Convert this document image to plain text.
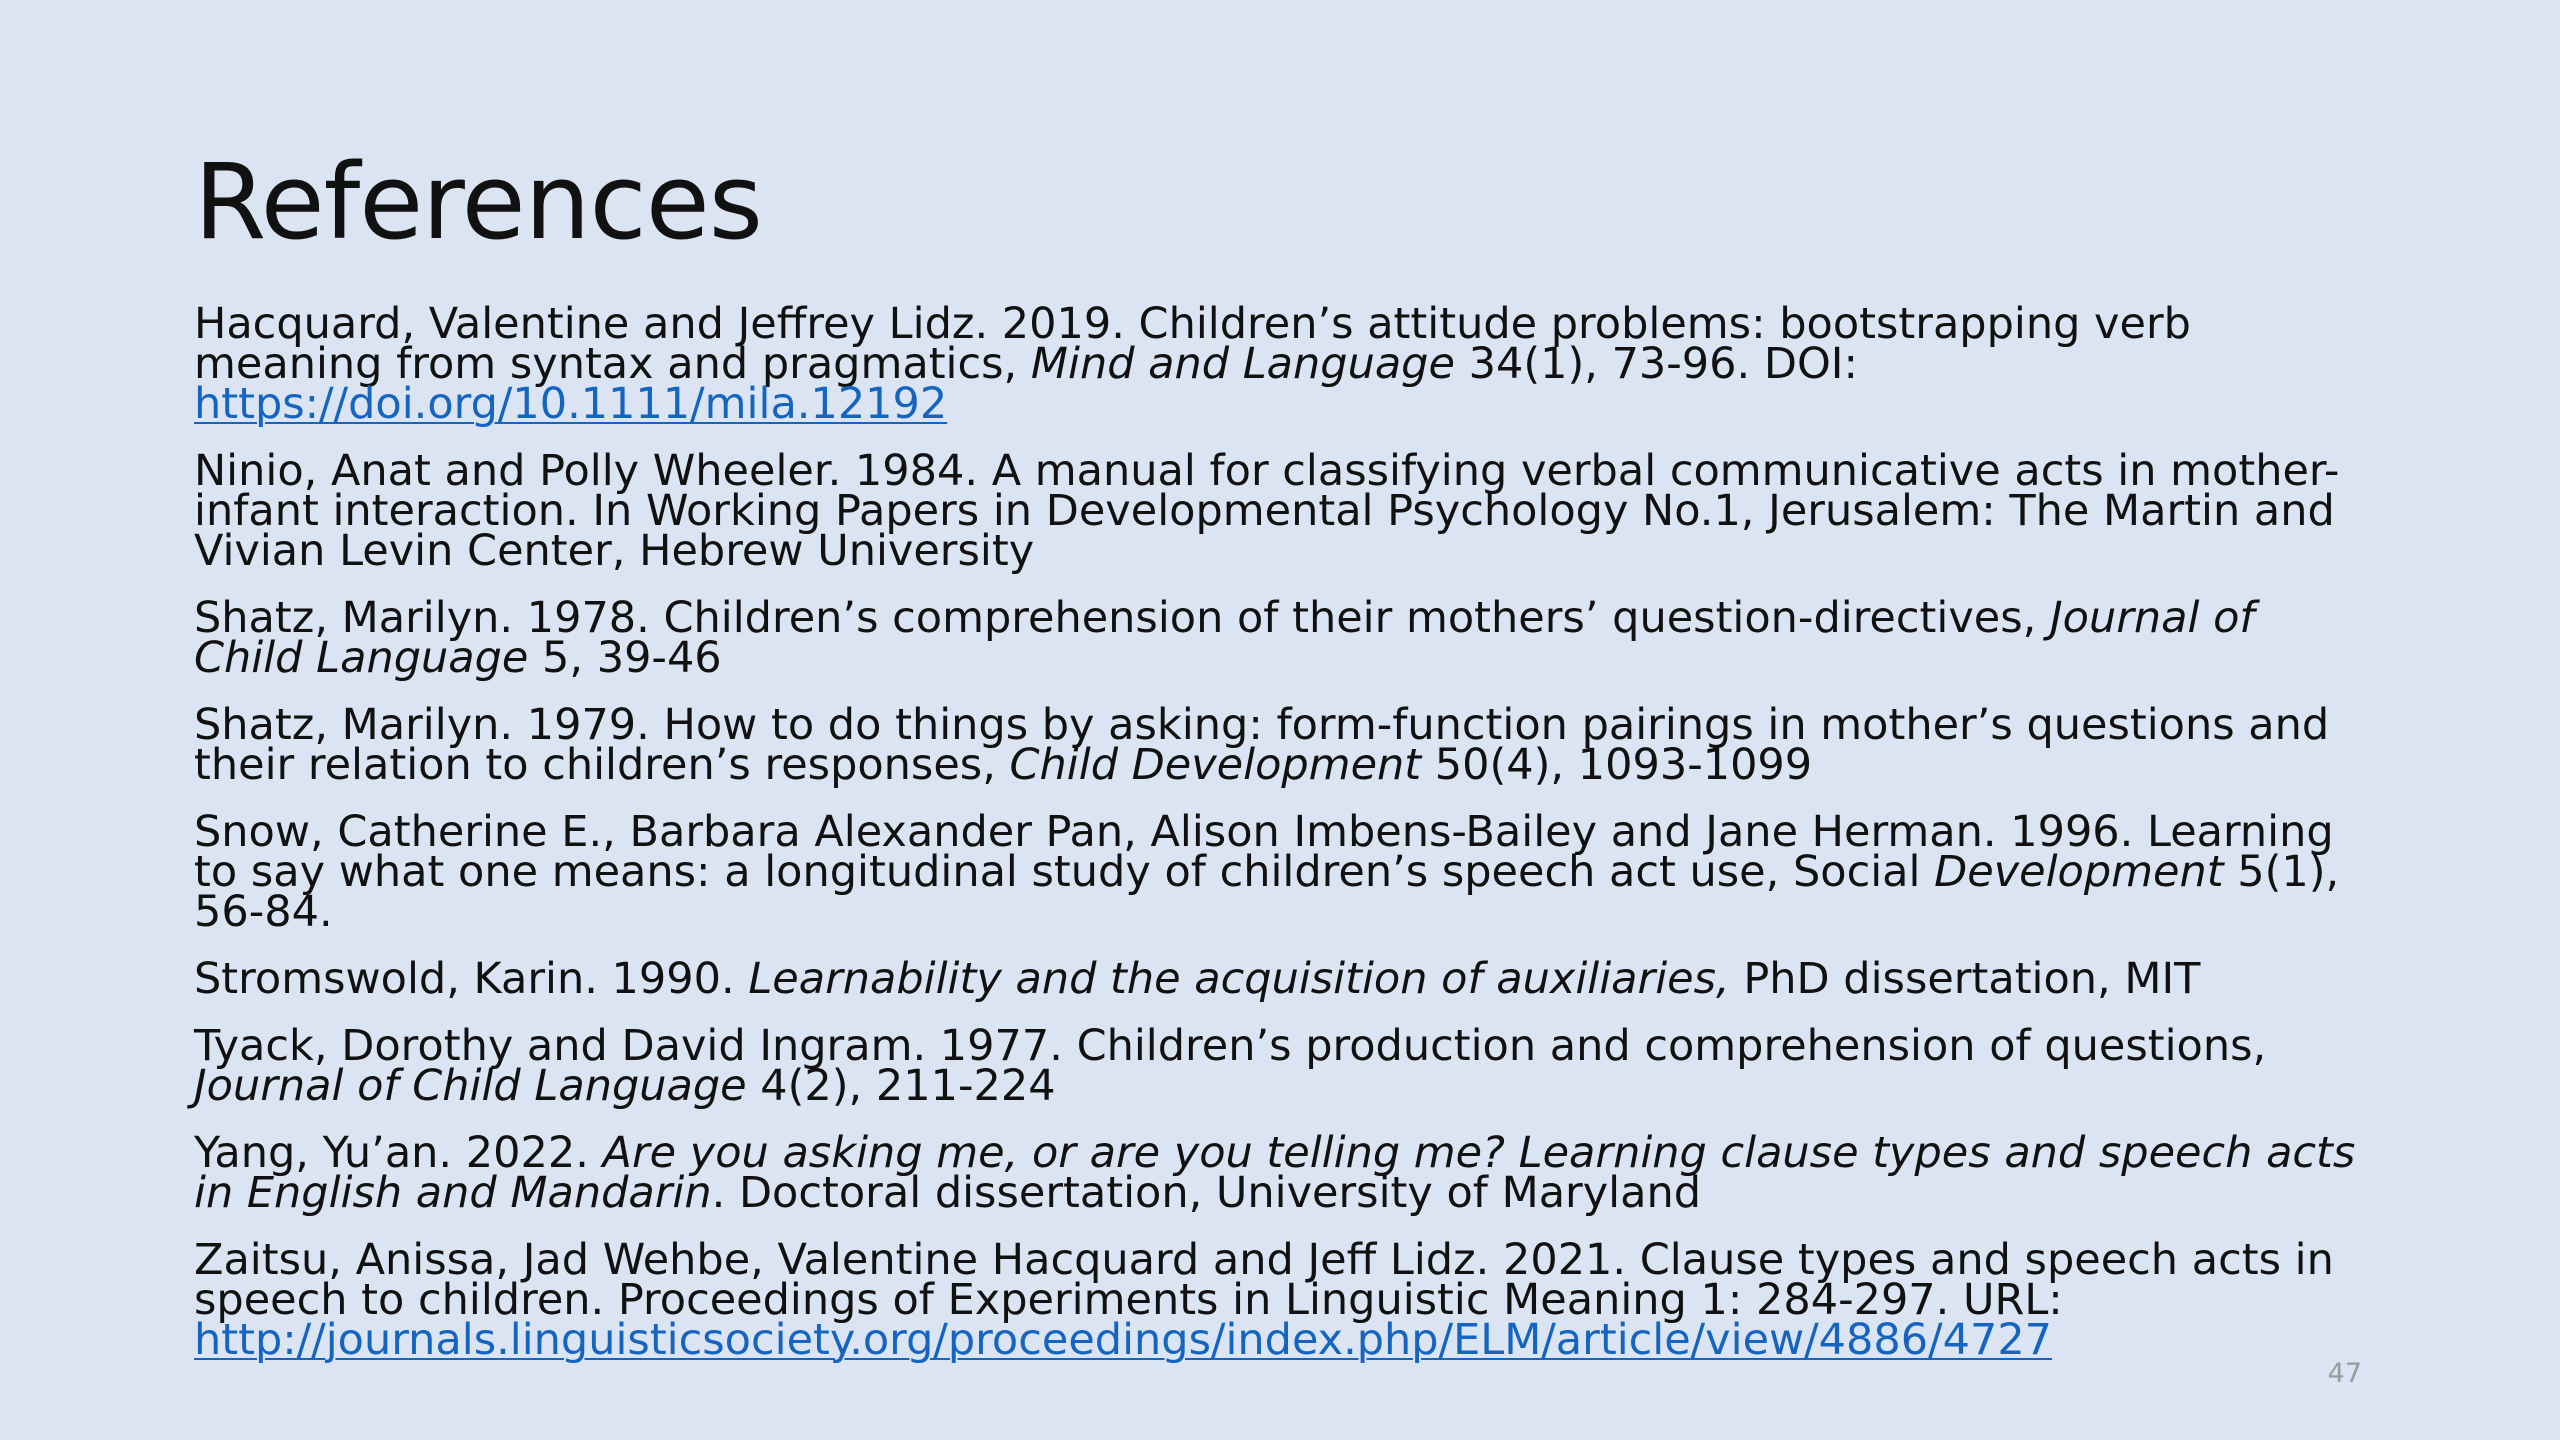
References
Hacquard, Valentine and Jeffrey Lidz. 2019. Children’s attitude problems: bootstrapping verb meaning from syntax and pragmatics, Mind and Language 34(1), 73-96. DOI: https://doi.org/10.1111/mila.12192
Ninio, Anat and Polly Wheeler. 1984. A manual for classifying verbal communicative acts in mother-infant interaction. In Working Papers in Developmental Psychology No.1, Jerusalem: The Martin and Vivian Levin Center, Hebrew University
Shatz, Marilyn. 1978. Children’s comprehension of their mothers’ question-directives, Journal of Child Language 5, 39-46
Shatz, Marilyn. 1979. How to do things by asking: form-function pairings in mother’s questions and their relation to children’s responses, Child Development 50(4), 1093-1099
Snow, Catherine E., Barbara Alexander Pan, Alison Imbens-Bailey and Jane Herman. 1996. Learning to say what one means: a longitudinal study of children’s speech act use, Social Development 5(1), 56-84.
Stromswold, Karin. 1990. Learnability and the acquisition of auxiliaries, PhD dissertation, MIT
Tyack, Dorothy and David Ingram. 1977. Children’s production and comprehension of questions, Journal of Child Language 4(2), 211-224
Yang, Yu’an. 2022. Are you asking me, or are you telling me? Learning clause types and speech acts in English and Mandarin. Doctoral dissertation, University of Maryland
Zaitsu, Anissa, Jad Wehbe, Valentine Hacquard and Jeff Lidz. 2021. Clause types and speech acts in speech to children. Proceedings of Experiments in Linguistic Meaning 1: 284-297. URL: http://journals.linguisticsociety.org/proceedings/index.php/ELM/article/view/4886/4727
47
